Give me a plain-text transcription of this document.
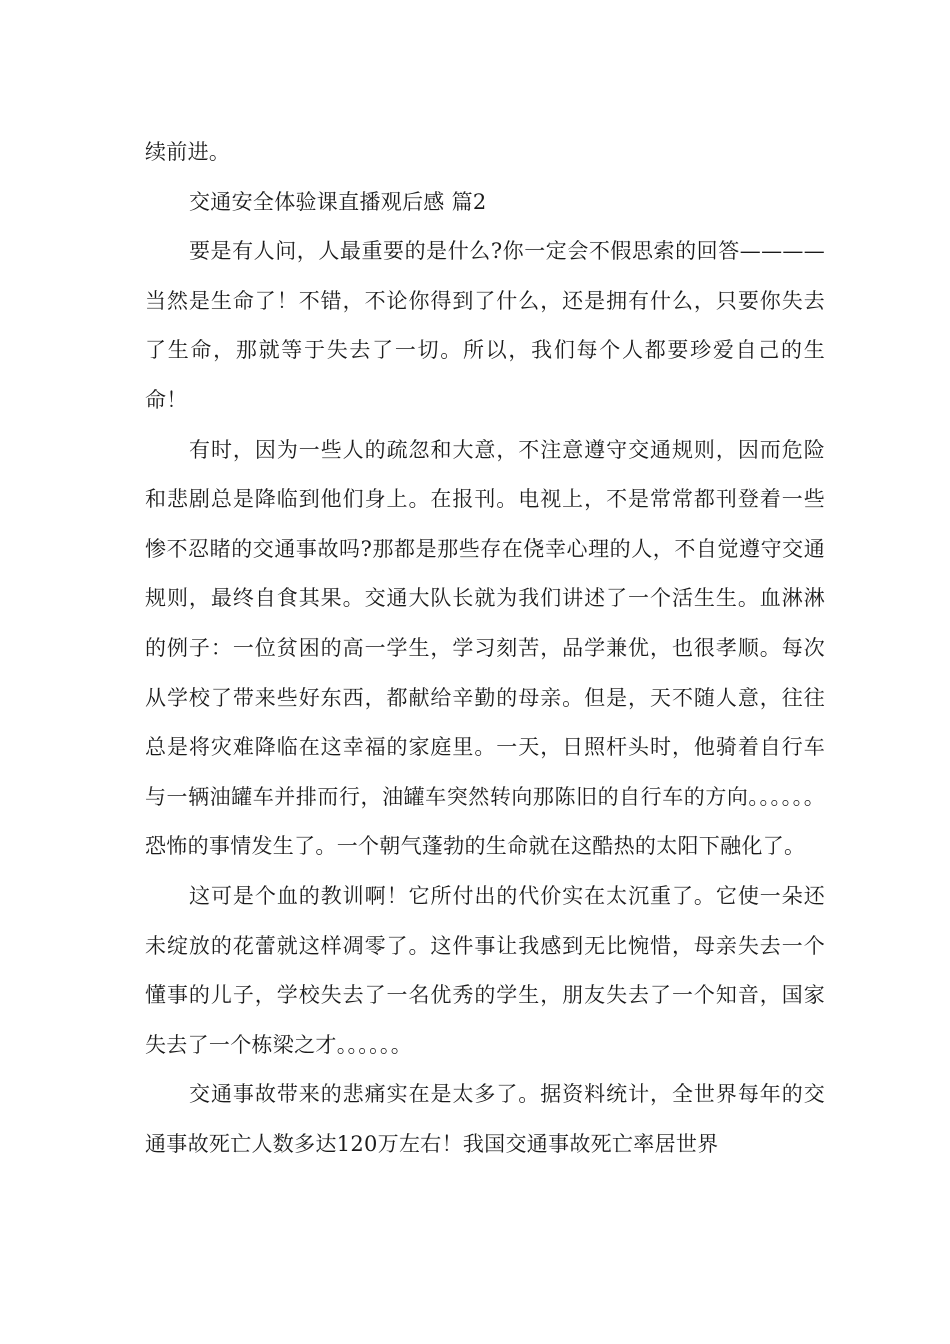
续前进。

交通安全体验课直播观后感 篇2

要是有人问，人最重要的是什么?你一定会不假思索的回答————当然是生命了！不错，不论你得到了什么，还是拥有什么，只要你失去了生命，那就等于失去了一切。所以，我们每个人都要珍爱自己的生命！

有时，因为一些人的疏忽和大意，不注意遵守交通规则，因而危险和悲剧总是降临到他们身上。在报刊。电视上，不是常常都刊登着一些惨不忍睹的交通事故吗?那都是那些存在侥幸心理的人，不自觉遵守交通规则，最终自食其果。交通大队长就为我们讲述了一个活生生。血淋淋的例子：一位贫困的高一学生，学习刻苦，品学兼优，也很孝顺。每次从学校了带来些好东西，都献给辛勤的母亲。但是，天不随人意，往往总是将灾难降临在这幸福的家庭里。一天，日照杆头时，他骑着自行车与一辆油罐车并排而行，油罐车突然转向那陈旧的自行车的方向。。。。。。恐怖的事情发生了。一个朝气蓬勃的生命就在这酷热的太阳下融化了。

这可是个血的教训啊！它所付出的代价实在太沉重了。它使一朵还未绽放的花蕾就这样凋零了。这件事让我感到无比惋惜，母亲失去一个懂事的儿子，学校失去了一名优秀的学生，朋友失去了一个知音，国家失去了一个栋梁之才。。。。。。

交通事故带来的悲痛实在是太多了。据资料统计，全世界每年的交通事故死亡人数多达120万左右！我国交通事故死亡率居世界
